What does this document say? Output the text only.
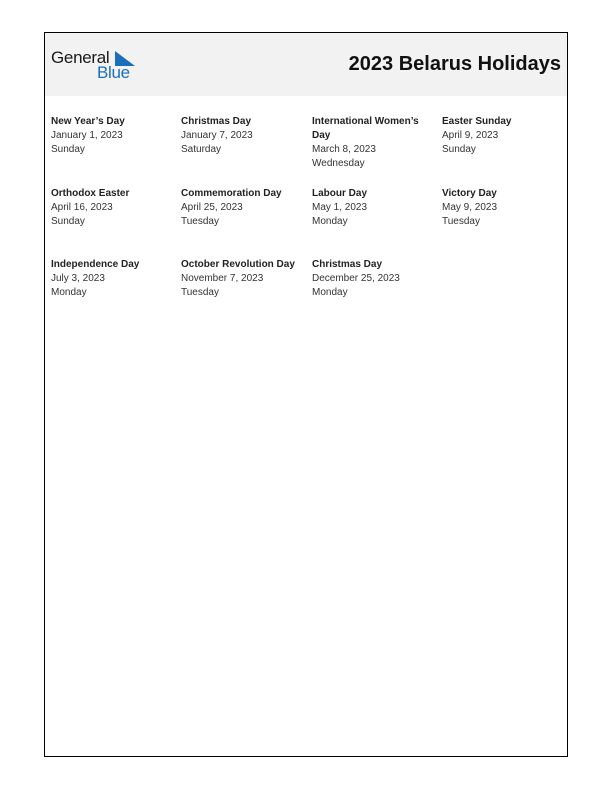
General
Blue	2023 Belarus Holidays
New Year’s Day
January 1, 2023
Sunday
Christmas Day
January 7, 2023
Saturday
International Women’s Day
March 8, 2023
Wednesday
Easter Sunday
April 9, 2023
Sunday
Orthodox Easter
April 16, 2023
Sunday
Commemoration Day
April 25, 2023
Tuesday
Labour Day
May 1, 2023
Monday
Victory Day
May 9, 2023
Tuesday
Independence Day
July 3, 2023
Monday
October Revolution Day
November 7, 2023
Tuesday
Christmas Day
December 25, 2023
Monday
